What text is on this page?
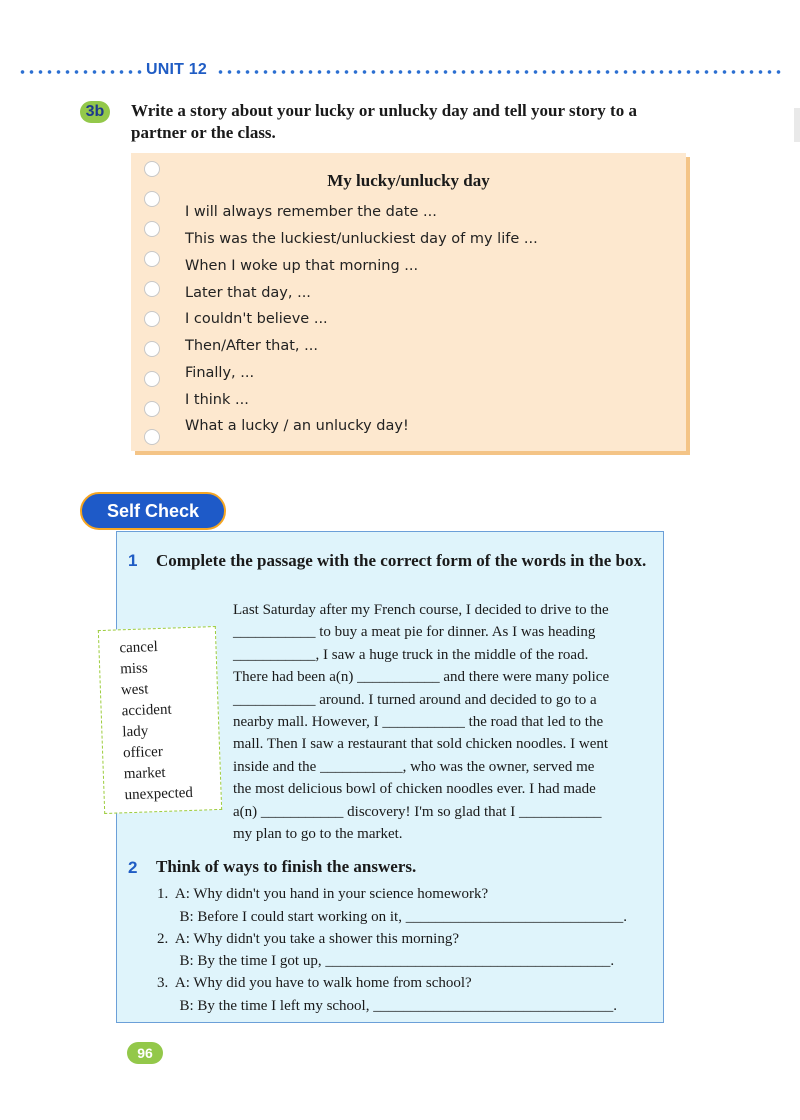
UNIT 12
3b	Write a story about your lucky or unlucky day and tell your story to a partner or the class.
My lucky/unlucky day
I will always remember the date ...
This was the luckiest/unluckiest day of my life ...
When I woke up that morning ...
Later that day, ...
I couldn't believe ...
Then/After that, ...
Finally, ...
I think ...
What a lucky / an unlucky day!
Self Check
1 Complete the passage with the correct form of the words in the box.
cancel
miss
west
accident
lady
officer
market
unexpected
Last Saturday after my French course, I decided to drive to the
___________ to buy a meat pie for dinner. As I was heading
___________, I saw a huge truck in the middle of the road.
There had been a(n) ___________ and there were many police
___________ around. I turned around and decided to go to a
nearby mall. However, I ___________ the road that led to the
mall. Then I saw a restaurant that sold chicken noodles. I went
inside and the ___________, who was the owner, served me
the most delicious bowl of chicken noodles ever. I had made
a(n) ___________ discovery! I'm so glad that I ___________
my plan to go to the market.
2 Think of ways to finish the answers.
1.  A: Why didn't you hand in your science homework?
B: Before I could start working on it, _____________________________.
2.  A: Why didn't you take a shower this morning?
B: By the time I got up, ______________________________________.
3.  A: Why did you have to walk home from school?
B: By the time I left my school, ________________________________.
96
